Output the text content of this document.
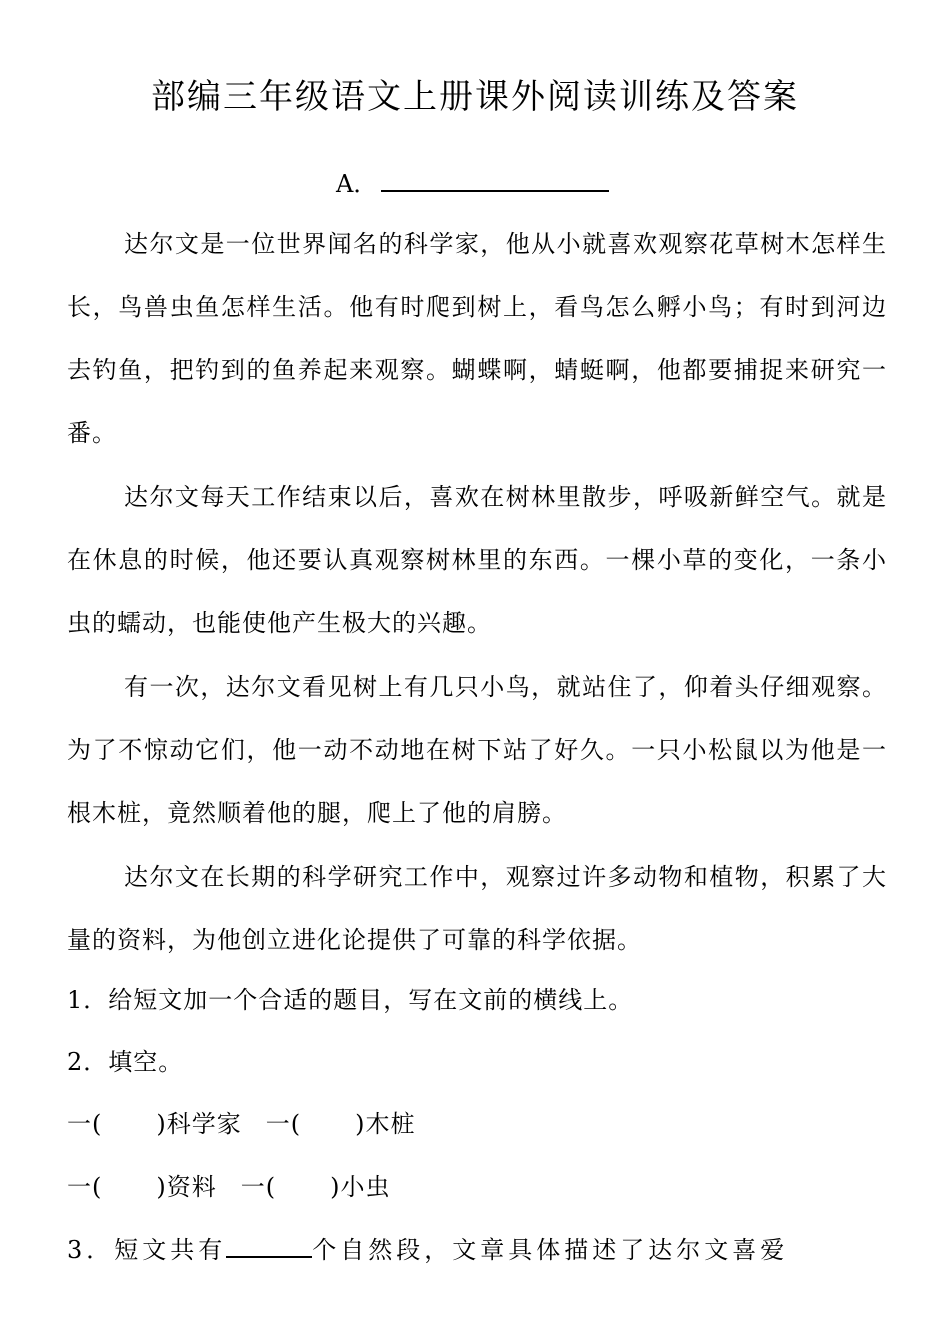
部编三年级语文上册课外阅读训练及答案
A．
达尔文是一位世界闻名的科学家，他从小就喜欢观察花草树木怎样生长，鸟兽虫鱼怎样生活。他有时爬到树上，看鸟怎么孵小鸟；有时到河边去钓鱼，把钓到的鱼养起来观察。蝴蝶啊，蜻蜓啊，他都要捕捉来研究一番。
达尔文每天工作结束以后，喜欢在树林里散步，呼吸新鲜空气。就是在休息的时候，他还要认真观察树林里的东西。一棵小草的变化，一条小虫的蠕动，也能使他产生极大的兴趣。
有一次，达尔文看见树上有几只小鸟，就站住了，仰着头仔细观察。为了不惊动它们，他一动不动地在树下站了好久。一只小松鼠以为他是一根木桩，竟然顺着他的腿，爬上了他的肩膀。
达尔文在长期的科学研究工作中，观察过许多动物和植物，积累了大量的资料，为他创立进化论提供了可靠的科学依据。
1．给短文加一个合适的题目，写在文前的横线上。
2．填空。
一( )科学家 一( )木桩
一( )资料 一( )小虫
3．短文共有	个自然段，文章具体描述了达尔文喜爱
